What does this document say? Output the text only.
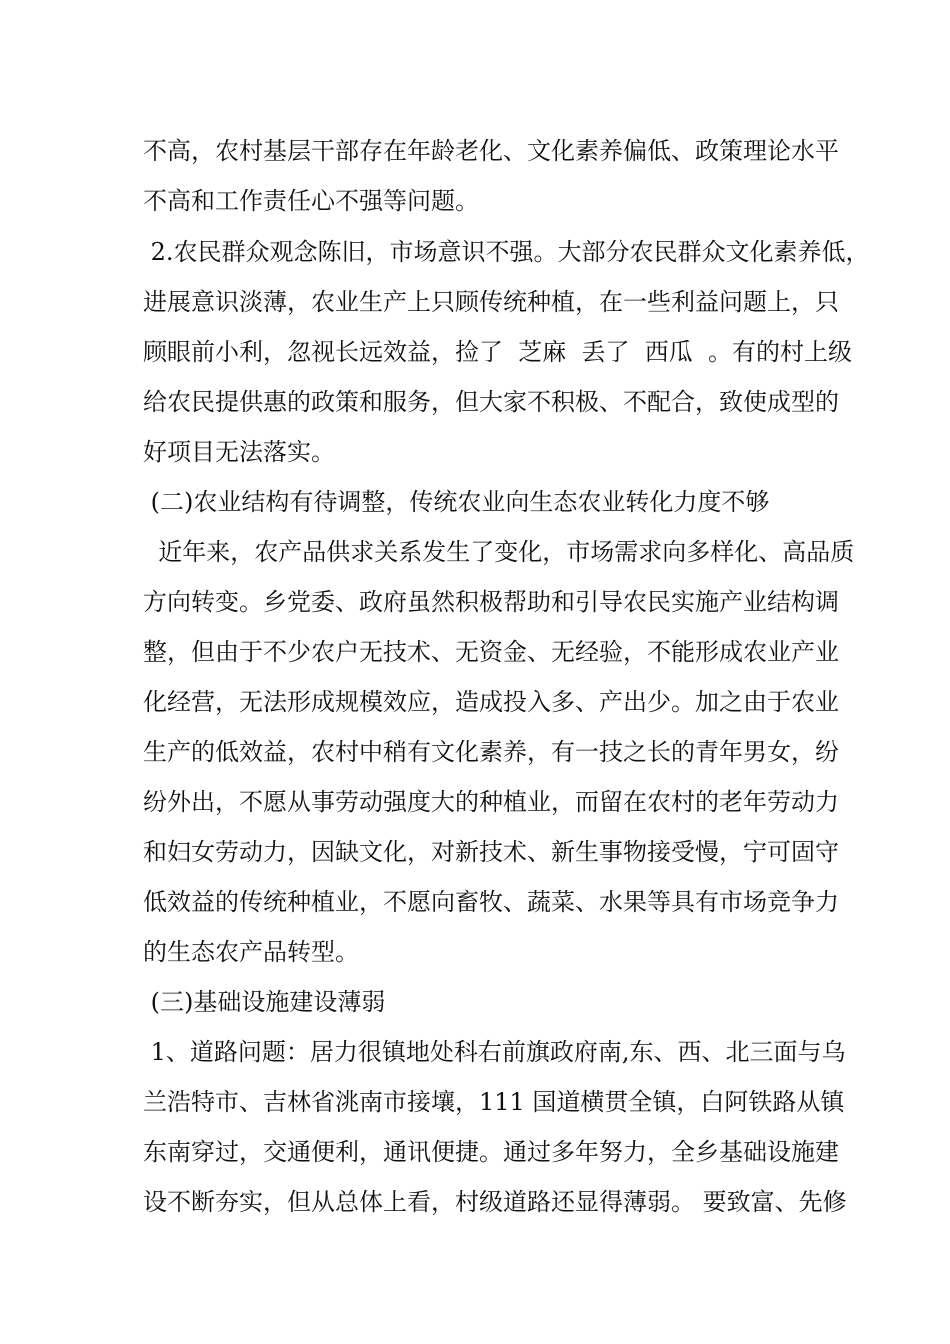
不高，农村基层干部存在年龄老化、文化素养偏低、政策理论水平
不高和工作责任心不强等问题。
2.农民群众观念陈旧，市场意识不强。大部分农民群众文化素养低，
进展意识淡薄，农业生产上只顾传统种植，在一些利益问题上，只
顾眼前小利，忽视长远效益，捡了  芝麻  丢了  西瓜  。有的村上级
给农民提供惠的政策和服务，但大家不积极、不配合，致使成型的
好项目无法落实。
(二)农业结构有待调整，传统农业向生态农业转化力度不够
近年来，农产品供求关系发生了变化，市场需求向多样化、高品质
方向转变。乡党委、政府虽然积极帮助和引导农民实施产业结构调
整，但由于不少农户无技术、无资金、无经验，不能形成农业产业
化经营，无法形成规模效应，造成投入多、产出少。加之由于农业
生产的低效益，农村中稍有文化素养，有一技之长的青年男女，纷
纷外出，不愿从事劳动强度大的种植业，而留在农村的老年劳动力
和妇女劳动力，因缺文化，对新技术、新生事物接受慢，宁可固守
低效益的传统种植业，不愿向畜牧、蔬菜、水果等具有市场竞争力
的生态农产品转型。
(三)基础设施建设薄弱
1、道路问题：居力很镇地处科右前旗政府南,东、西、北三面与乌
兰浩特市、吉林省洮南市接壤，111 国道横贯全镇，白阿铁路从镇
东南穿过，交通便利，通讯便捷。通过多年努力，全乡基础设施建
设不断夯实，但从总体上看，村级道路还显得薄弱。 要致富、先修
